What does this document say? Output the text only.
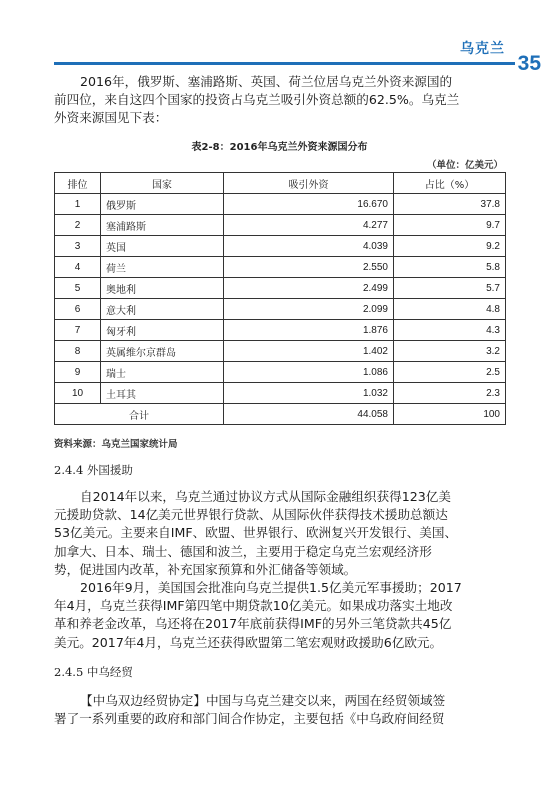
乌克兰
35
2016年，俄罗斯、塞浦路斯、英国、荷兰位居乌克兰外资来源国的
前四位，来自这四个国家的投资占乌克兰吸引外资总额的62.5%。乌克兰
外资来源国见下表：
表2-8：2016年乌克兰外资来源国分布
（单位：亿美元）
排位	国家	吸引外资	占比（%）
1	俄罗斯	16.670	37.8
2	塞浦路斯	4.277	9.7
3	英国	4.039	9.2
4	荷兰	2.550	5.8
5	奥地利	2.499	5.7
6	意大利	2.099	4.8
7	匈牙利	1.876	4.3
8	英属维尔京群岛	1.402	3.2
9	瑞士	1.086	2.5
10	土耳其	1.032	2.3
合计		44.058	100
资料来源：乌克兰国家统计局
2.4.4 外国援助
自2014年以来，乌克兰通过协议方式从国际金融组织获得123亿美
元援助贷款、14亿美元世界银行贷款、从国际伙伴获得技术援助总额达
53亿美元。主要来自IMF、欧盟、世界银行、欧洲复兴开发银行、美国、
加拿大、日本、瑞士、德国和波兰，主要用于稳定乌克兰宏观经济形
势，促进国内改革，补充国家预算和外汇储备等领域。
2016年9月，美国国会批准向乌克兰提供1.5亿美元军事援助；2017
年4月，乌克兰获得IMF第四笔中期贷款10亿美元。如果成功落实土地改
革和养老金改革，乌还将在2017年底前获得IMF的另外三笔贷款共45亿
美元。2017年4月，乌克兰还获得欧盟第二笔宏观财政援助6亿欧元。
2.4.5 中乌经贸
【中乌双边经贸协定】中国与乌克兰建交以来，两国在经贸领域签
署了一系列重要的政府和部门间合作协定，主要包括《中乌政府间经贸
